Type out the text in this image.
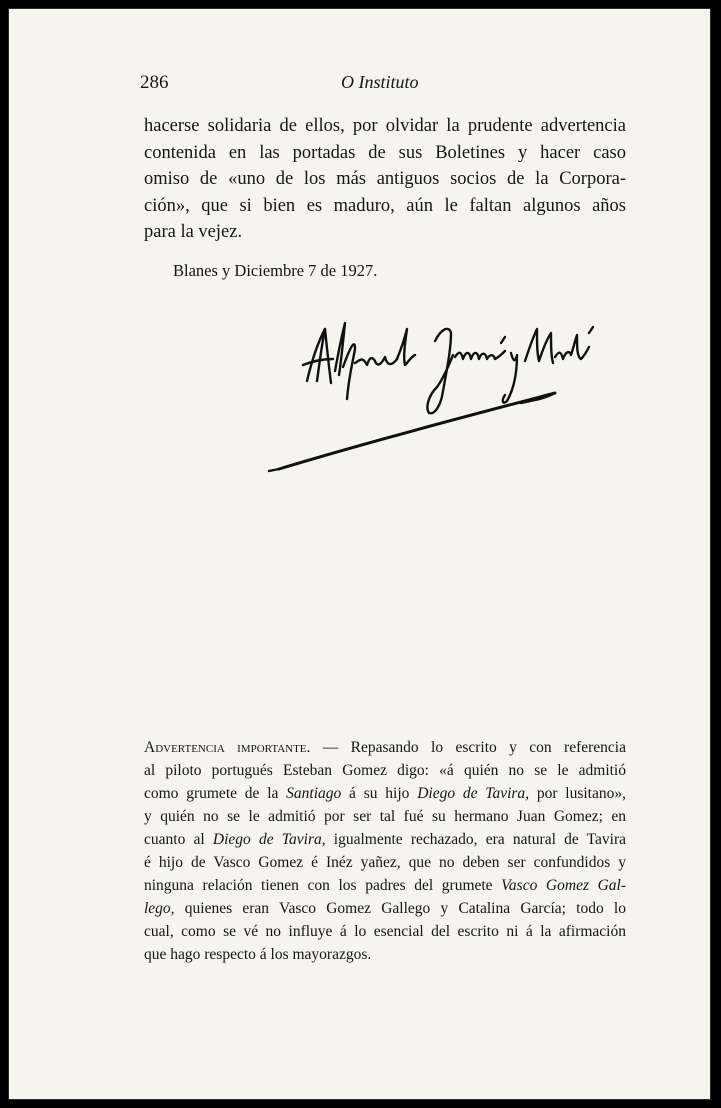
286	O Instituto
hacerse solidaria de ellos, por olvidar la prudente advertencia
contenida en las portadas de sus Boletines y hacer caso
omiso de «uno de los más antiguos socios de la Corpora-
ción», que si bien es maduro, aún le faltan algunos años
para la vejez.
Blanes y Diciembre 7 de 1927.
Advertencia importante. — Repasando lo escrito y con referencia
al piloto portugués Esteban Gomez digo: «á quién no se le admitió
como grumete de la Santiago á su hijo Diego de Tavira, por lusitano»,
y quién no se le admitió por ser tal fué su hermano Juan Gomez; en
cuanto al Diego de Tavira, igualmente rechazado, era natural de Tavira
é hijo de Vasco Gomez é Inéz yañez, que no deben ser confundidos y
ninguna relación tienen con los padres del grumete Vasco Gomez Gal-
lego, quienes eran Vasco Gomez Gallego y Catalina García; todo lo
cual, como se vé no influye á lo esencial del escrito ni á la afirmación
que hago respecto á los mayorazgos.
